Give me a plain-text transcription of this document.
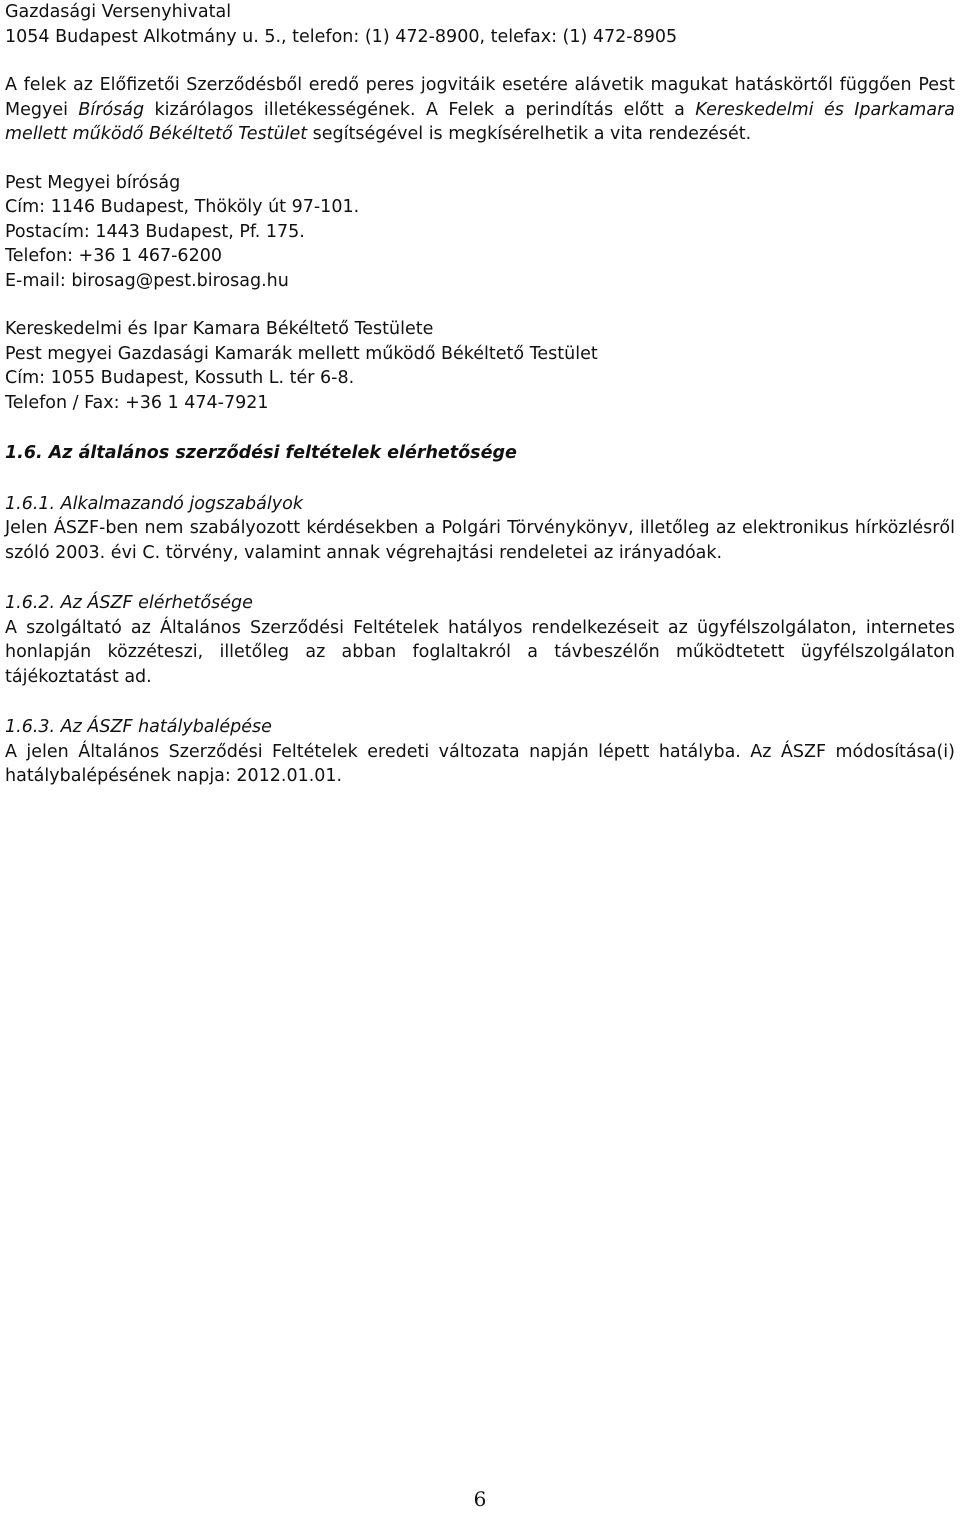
Gazdasági Versenyhivatal

1054 Budapest Alkotmány u. 5., telefon: (1) 472-8900, telefax: (1) 472-8905

A felek az Előfizetői Szerződésből eredő peres jogvitáik esetére alávetik magukat hatáskörtől függően Pest Megyei Bíróság kizárólagos illetékességének. A Felek a perindítás előtt a Kereskedelmi és Iparkamara mellett működő Békéltető Testület segítségével is megkísérelhetik a vita rendezését.

Pest Megyei bíróság

Cím: 1146 Budapest, Thököly út 97-101.

Postacím: 1443 Budapest, Pf. 175.

Telefon: +36 1 467-6200

E-mail: birosag@pest.birosag.hu

Kereskedelmi és Ipar Kamara Békéltető Testülete

Pest megyei Gazdasági Kamarák mellett működő Békéltető Testület

Cím: 1055 Budapest, Kossuth L. tér 6-8.

Telefon / Fax: +36 1 474-7921

1.6. Az általános szerződési feltételek elérhetősége

1.6.1. Alkalmazandó jogszabályok

Jelen ÁSZF-ben nem szabályozott kérdésekben a Polgári Törvénykönyv, illetőleg az elektronikus hírközlésről szóló 2003. évi C. törvény, valamint annak végrehajtási rendeletei az irányadóak.

1.6.2. Az ÁSZF elérhetősége

A szolgáltató az Általános Szerződési Feltételek hatályos rendelkezéseit az ügyfélszolgálaton, internetes honlapján közzéteszi, illetőleg az abban foglaltakról a távbeszélőn működtetett ügyfélszolgálaton tájékoztatást ad.

1.6.3. Az ÁSZF hatálybalépése

A jelen Általános Szerződési Feltételek eredeti változata napján lépett hatályba. Az ÁSZF módosítása(i) hatálybalépésének napja: 2012.01.01.

6
